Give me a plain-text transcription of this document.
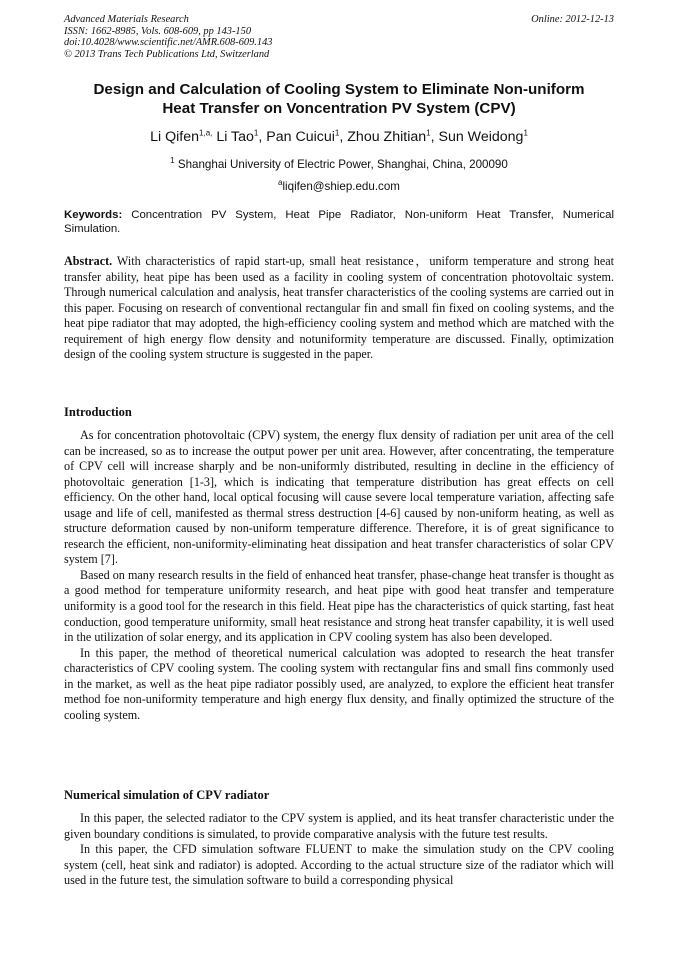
Advanced Materials Research
ISSN: 1662-8985, Vols. 608-609, pp 143-150
doi:10.4028/www.scientific.net/AMR.608-609.143
© 2013 Trans Tech Publications Ltd, Switzerland
Online: 2012-12-13
Design and Calculation of Cooling System to Eliminate Non-uniform
Heat Transfer on Voncentration PV System (CPV)
Li Qifen$^{1,a,}$ Li Tao$^1$, Pan Cuicui$^1$, Zhou Zhitian$^1$, Sun Weidong$^1$
$^1$ Shanghai University of Electric Power, Shanghai, China, 200090
$^a$liqifen@shiep.edu.com
Keywords: Concentration PV System, Heat Pipe Radiator, Non-uniform Heat Transfer, Numerical Simulation.

Abstract. With characteristics of rapid start-up, small heat resistance，uniform temperature and strong heat transfer ability, heat pipe has been used as a facility in cooling system of concentration photovoltaic system. Through numerical calculation and analysis, heat transfer characteristics of the cooling systems are carried out in this paper. Focusing on research of conventional rectangular fin and small fin fixed on cooling systems, and the heat pipe radiator that may adopted, the high-efficiency cooling system and method which are matched with the requirement of high energy flow density and notuniformity temperature are discussed. Finally, optimization design of the cooling system structure is suggested in the paper.

Introduction

As for concentration photovoltaic (CPV) system, the energy flux density of radiation per unit area of the cell can be increased, so as to increase the output power per unit area. However, after concentrating, the temperature of CPV cell will increase sharply and be non-uniformly distributed, resulting in decline in the efficiency of photovoltaic generation [1-3], which is indicating that temperature distribution has great effects on cell efficiency. On the other hand, local optical focusing will cause severe local temperature variation, affecting safe usage and life of cell, manifested as thermal stress destruction [4-6] caused by non-uniform heating, as well as structure deformation caused by non-uniform temperature difference. Therefore, it is of great significance to research the efficient, non-uniformity-eliminating heat dissipation and heat transfer characteristics of solar CPV system [7].

Based on many research results in the field of enhanced heat transfer, phase-change heat transfer is thought as a good method for temperature uniformity research, and heat pipe with good heat transfer and temperature uniformity is a good tool for the research in this field. Heat pipe has the characteristics of quick starting, fast heat conduction, good temperature uniformity, small heat resistance and strong heat transfer capability, it is well used in the utilization of solar energy, and its application in CPV cooling system has also been developed.

In this paper, the method of theoretical numerical calculation was adopted to research the heat transfer characteristics of CPV cooling system. The cooling system with rectangular fins and small fins commonly used in the market, as well as the heat pipe radiator possibly used, are analyzed, to explore the efficient heat transfer method foe non-uniformity temperature and high energy flux density, and finally optimized the structure of the cooling system.

Numerical simulation of CPV radiator

In this paper, the selected radiator to the CPV system is applied, and its heat transfer characteristic under the given boundary conditions is simulated, to provide comparative analysis with the future test results.

In this paper, the CFD simulation software FLUENT to make the simulation study on the CPV cooling system (cell, heat sink and radiator) is adopted. According to the actual structure size of the radiator which will used in the future test, the simulation software to build a corresponding physical
